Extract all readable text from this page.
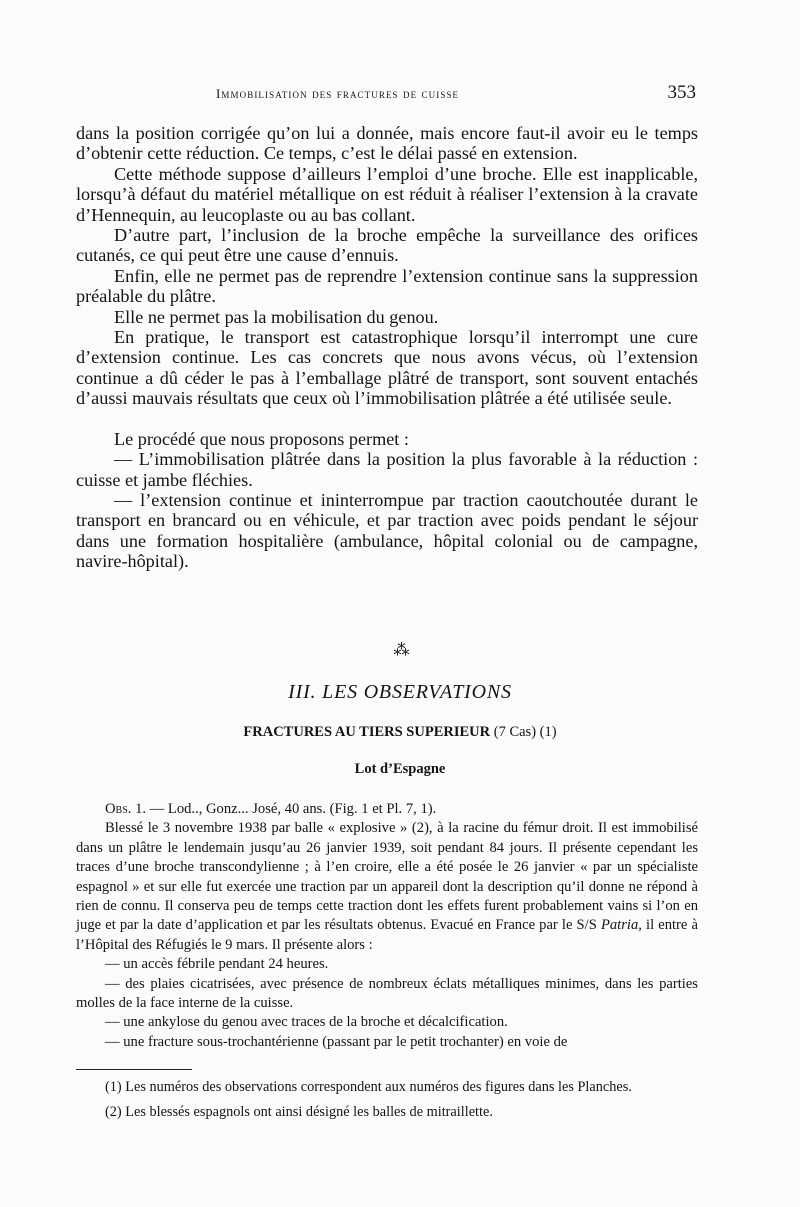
Immobilisation des fractures de cuisse	353

dans la position corrigée qu’on lui a donnée, mais encore faut-il avoir eu le temps d’obtenir cette réduction. Ce temps, c’est le délai passé en extension.

Cette méthode suppose d’ailleurs l’emploi d’une broche. Elle est inapplicable, lorsqu’à défaut du matériel métallique on est réduit à réaliser l’extension à la cravate d’Hennequin, au leucoplaste ou au bas collant.

D’autre part, l’inclusion de la broche empêche la surveillance des orifices cutanés, ce qui peut être une cause d’ennuis.

Enfin, elle ne permet pas de reprendre l’extension continue sans la suppression préalable du plâtre.

Elle ne permet pas la mobilisation du genou.

En pratique, le transport est catastrophique lorsqu’il interrompt une cure d’extension continue. Les cas concrets que nous avons vécus, où l’extension continue a dû céder le pas à l’emballage plâtré de transport, sont souvent entachés d’aussi mauvais résultats que ceux où l’immobilisation plâtrée a été utilisée seule.

Le procédé que nous proposons permet :

— L’immobilisation plâtrée dans la position la plus favorable à la réduction : cuisse et jambe fléchies.

— l’extension continue et ininterrompue par traction caoutchoutée durant le transport en brancard ou en véhicule, et par traction avec poids pendant le séjour dans une formation hospitalière (ambulance, hôpital colonial ou de campagne, navire-hôpital).

⁂
III. LES OBSERVATIONS
FRACTURES AU TIERS SUPERIEUR (7 Cas) (1)
Lot d’Espagne

Obs. 1. — Lod.., Gonz... José, 40 ans. (Fig. 1 et Pl. 7, 1).

Blessé le 3 novembre 1938 par balle « explosive » (2), à la racine du fémur droit. Il est immobilisé dans un plâtre le lendemain jusqu’au 26 janvier 1939, soit pendant 84 jours. Il présente cependant les traces d’une broche transcondylienne ; à l’en croire, elle a été posée le 26 janvier « par un spécialiste espagnol » et sur elle fut exercée une traction par un appareil dont la description qu’il donne ne répond à rien de connu. Il conserva peu de temps cette traction dont les effets furent probablement vains si l’on en juge et par la date d’application et par les résultats obtenus. Evacué en France par le S/S Patria, il entre à l’Hôpital des Réfugiés le 9 mars. Il présente alors :

— un accès fébrile pendant 24 heures.

— des plaies cicatrisées, avec présence de nombreux éclats métalliques minimes, dans les parties molles de la face interne de la cuisse.

— une ankylose du genou avec traces de la broche et décalcification.

— une fracture sous-trochantérienne (passant par le petit trochanter) en voie de

(1) Les numéros des observations correspondent aux numéros des figures dans les Planches.

(2) Les blessés espagnols ont ainsi désigné les balles de mitraillette.
